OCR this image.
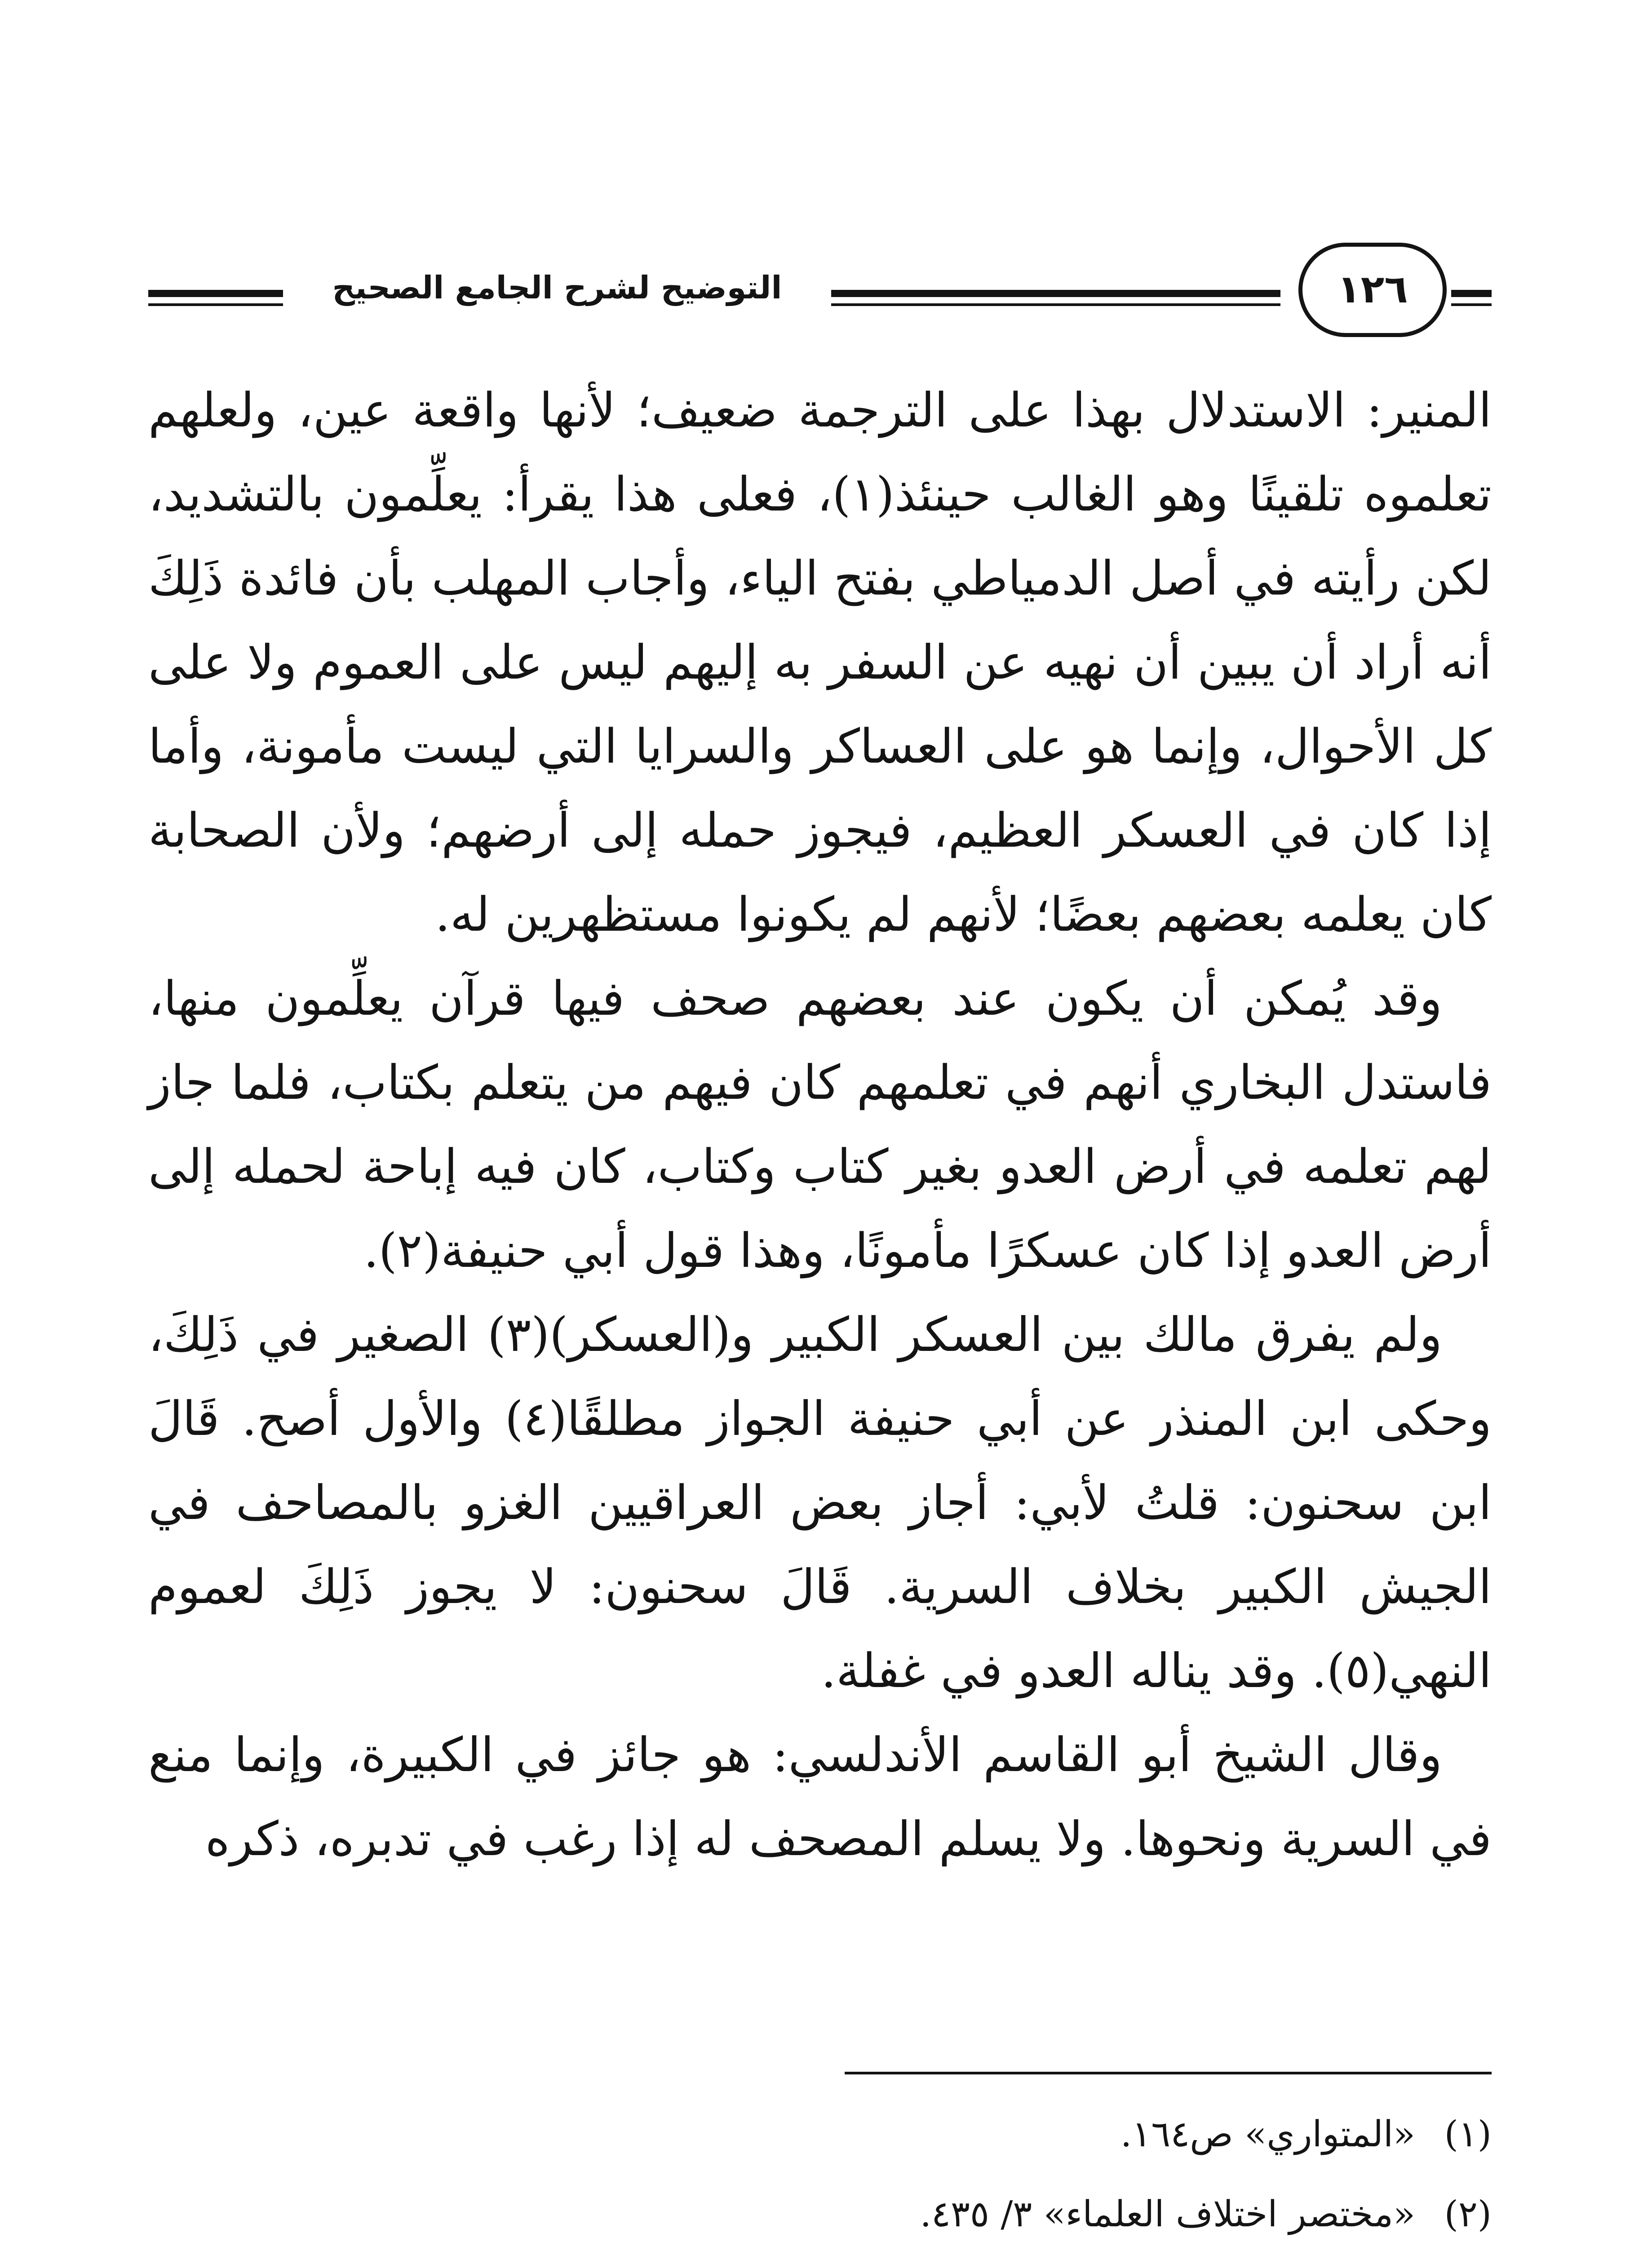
التوضيح لشرح الجامع الصحيح	١٢٦

المنير: الاستدلال بهذا على الترجمة ضعيف؛ لأنها واقعة عين، ولعلهم تعلموه تلقينًا وهو الغالب حينئذ(١)، فعلى هذا يقرأ: يعلِّمون بالتشديد، لكن رأيته في أصل الدمياطي بفتح الياء، وأجاب المهلب بأن فائدة ذَلِكَ أنه أراد أن يبين أن نهيه عن السفر به إليهم ليس على العموم ولا على كل الأحوال، وإنما هو على العساكر والسرايا التي ليست مأمونة، وأما إذا كان في العسكر العظيم، فيجوز حمله إلى أرضهم؛ ولأن الصحابة كان يعلمه بعضهم بعضًا؛ لأنهم لم يكونوا مستظهرين له.

وقد يُمكن أن يكون عند بعضهم صحف فيها قرآن يعلِّمون منها، فاستدل البخاري أنهم في تعلمهم كان فيهم من يتعلم بكتاب، فلما جاز لهم تعلمه في أرض العدو بغير كتاب وكتاب، كان فيه إباحة لحمله إلى أرض العدو إذا كان عسكرًا مأمونًا، وهذا قول أبي حنيفة(٢).

ولم يفرق مالك بين العسكر الكبير و(العسكر)(٣) الصغير في ذَلِكَ، وحكى ابن المنذر عن أبي حنيفة الجواز مطلقًا(٤) والأول أصح. قَالَ ابن سحنون: قلتُ لأبي: أجاز بعض العراقيين الغزو بالمصاحف في الجيش الكبير بخلاف السرية. قَالَ سحنون: لا يجوز ذَلِكَ لعموم النهي(٥). وقد يناله العدو في غفلة.

وقال الشيخ أبو القاسم الأندلسي: هو جائز في الكبيرة، وإنما منع في السرية ونحوها. ولا يسلم المصحف له إذا رغب في تدبره، ذكره

(١)
«المتواري» ص١٦٤.
(٢)
«مختصر اختلاف العلماء» ٣/ ٤٣٥.
